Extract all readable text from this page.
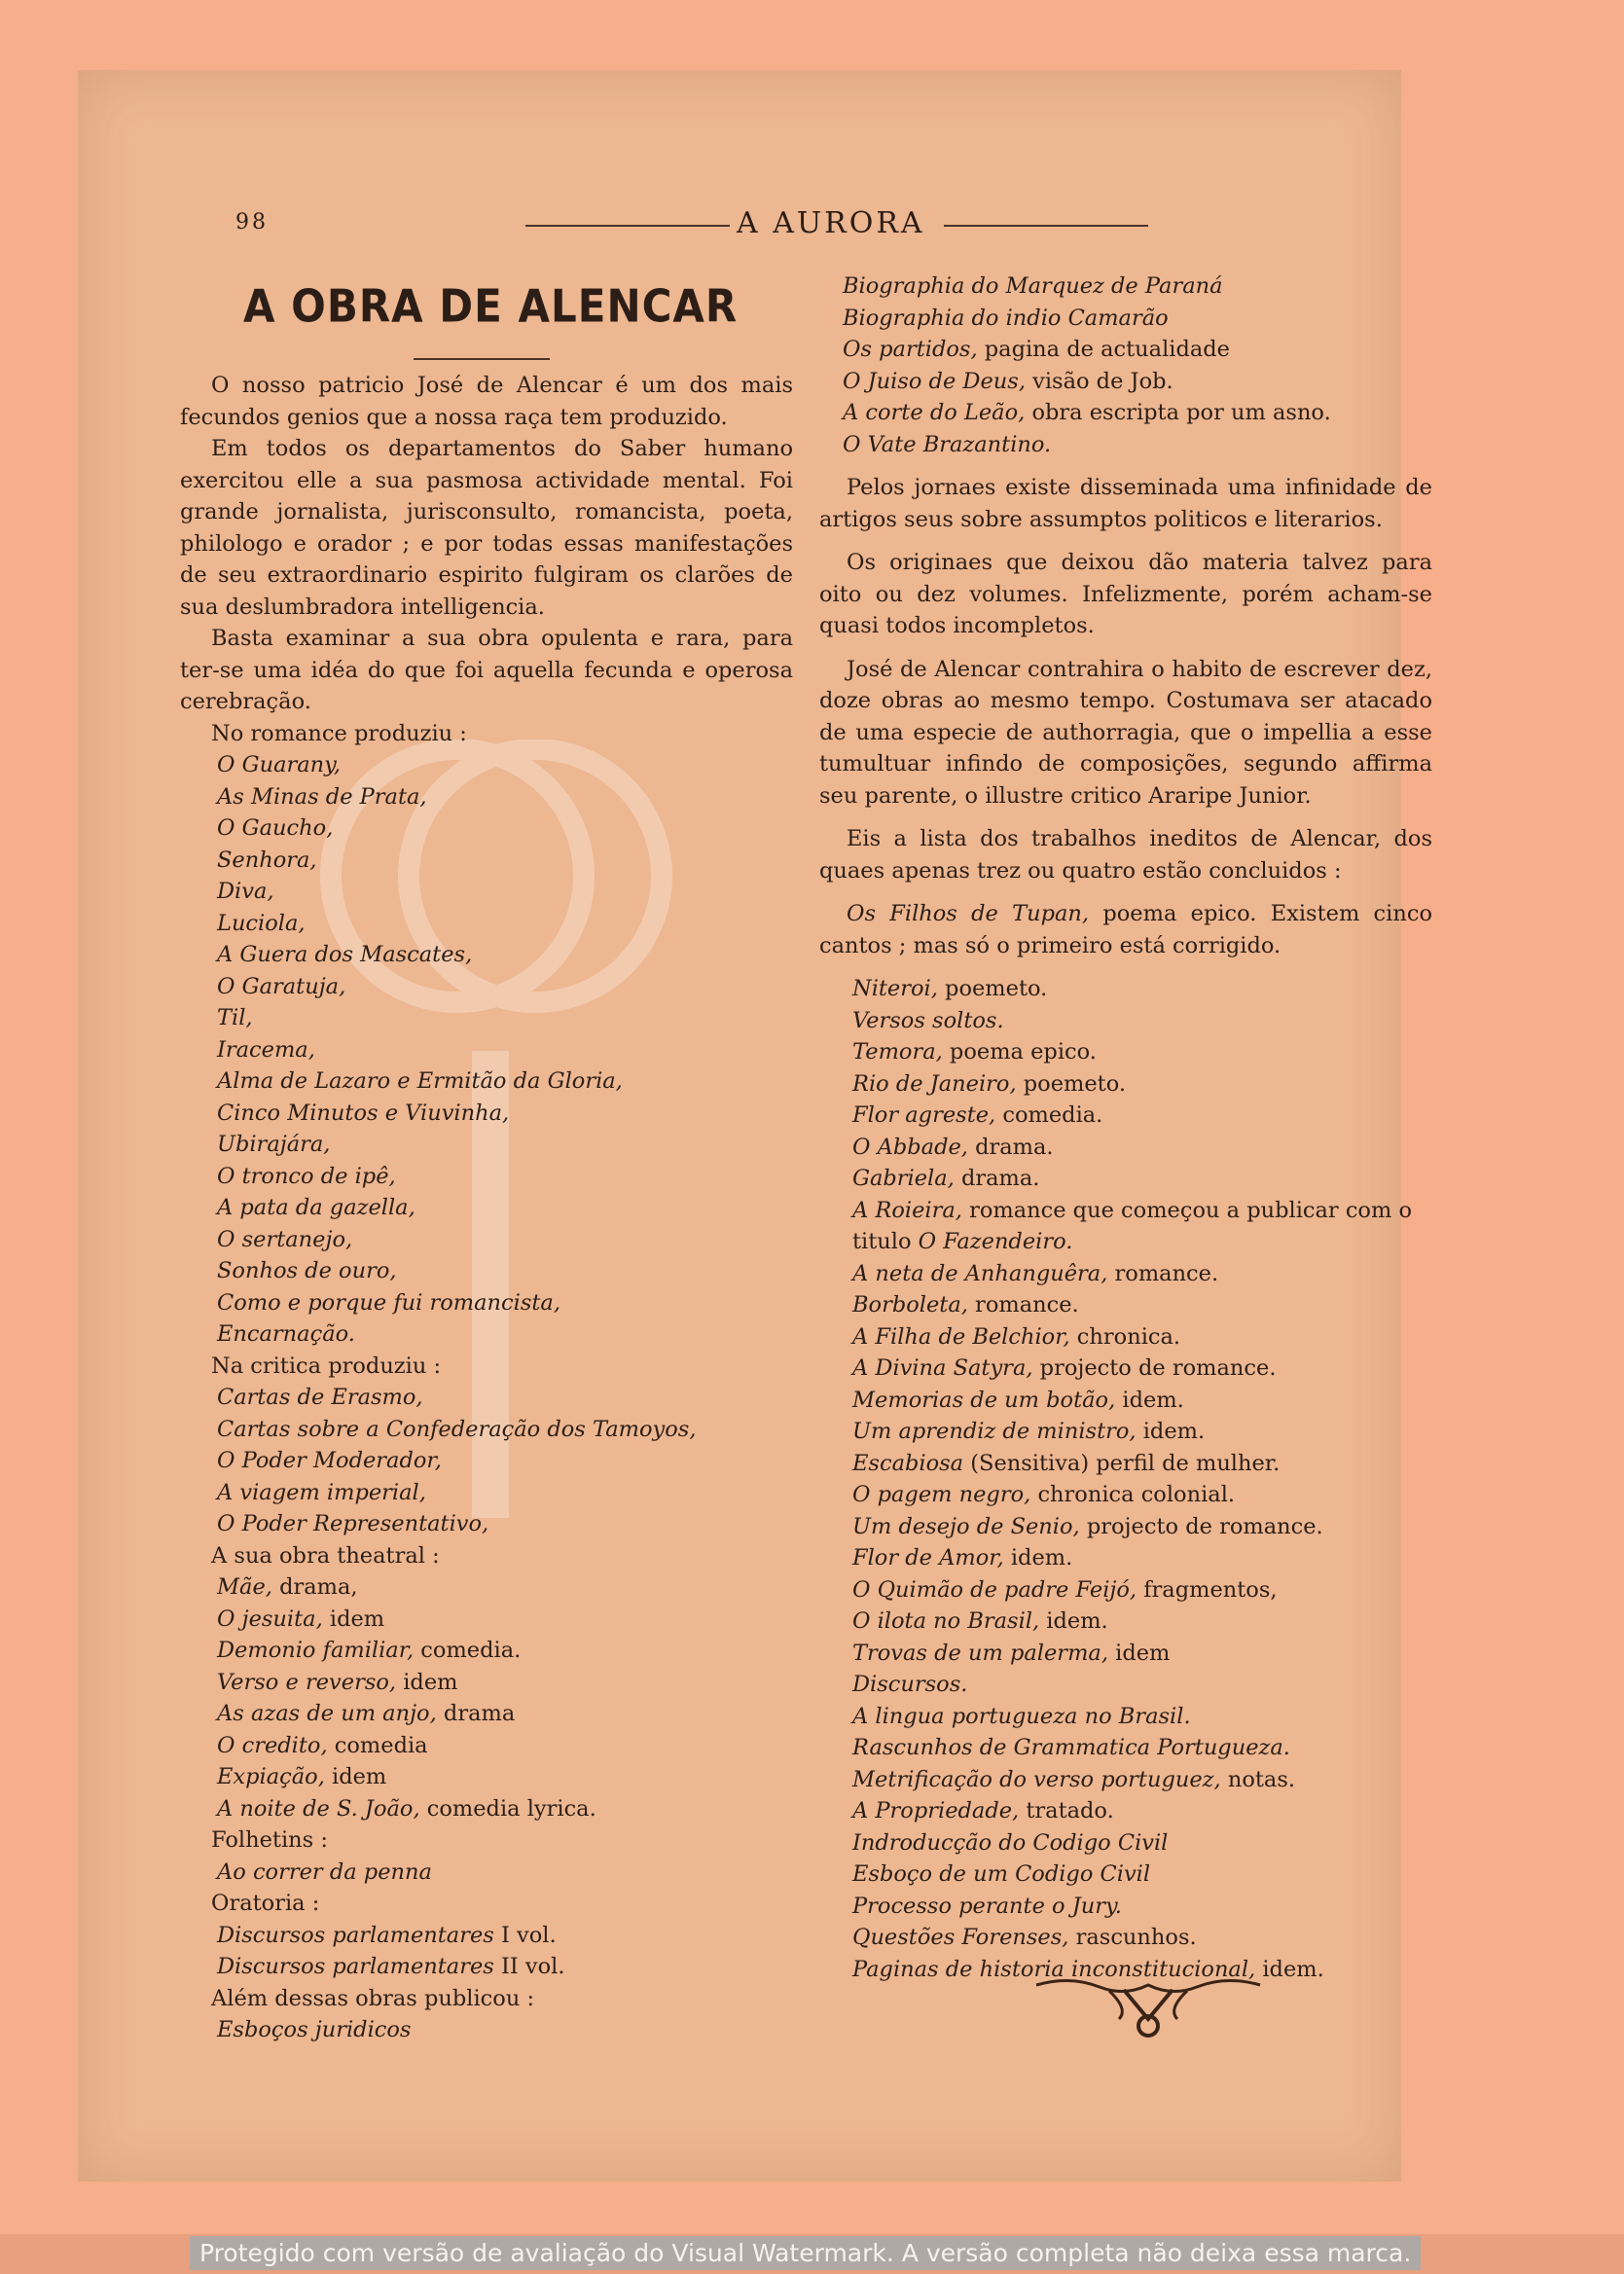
98	A AURORA
A OBRA DE ALENCAR

O nosso patricio José de Alencar é um dos mais fecundos genios que a nossa raça tem produzido.

Em todos os departamentos do Saber humano exercitou elle a sua pasmosa actividade mental. Foi grande jornalista, jurisconsulto, romancista, poeta, philologo e orador ; e por todas essas manifestações de seu extraordinario espirito fulgiram os clarões de sua deslumbradora intelligencia.

Basta examinar a sua obra opulenta e rara, para ter-se uma idéa do que foi aquella fecunda e operosa cerebração.

No romance produziu :
O Guarany,
As Minas de Prata,
O Gaucho,
Senhora,
Diva,
Luciola,
A Guera dos Mascates,
O Garatuja,
Til,
Iracema,
Alma de Lazaro e Ermitão da Gloria,
Cinco Minutos e Viuvinha,
Ubirajára,
O tronco de ipê,
A pata da gazella,
O sertanejo,
Sonhos de ouro,
Como e porque fui romancista,
Encarnação.
Na critica produziu :
Cartas de Erasmo,
Cartas sobre a Confederação dos Tamoyos,
O Poder Moderador,
A viagem imperial,
O Poder Representativo,
A sua obra theatral :
Mãe, drama,
O jesuita, idem
Demonio familiar, comedia.
Verso e reverso, idem
As azas de um anjo, drama
O credito, comedia
Expiação, idem
A noite de S. João, comedia lyrica.
Folhetins :
Ao correr da penna
Oratoria :
Discursos parlamentares I vol.
Discursos parlamentares II vol.
Além dessas obras publicou :
Esboços juridicos
Biographia do Marquez de Paraná
Biographia do indio Camarão
Os partidos, pagina de actualidade
O Juiso de Deus, visão de Job.
A corte do Leão, obra escripta por um asno.
O Vate Brazantino.

Pelos jornaes existe disseminada uma infinidade de artigos seus sobre assumptos politicos e literarios.

Os originaes que deixou dão materia talvez para oito ou dez volumes. Infelizmente, porém acham-se quasi todos incompletos.

José de Alencar contrahira o habito de escrever dez, doze obras ao mesmo tempo. Costumava ser atacado de uma especie de authorragia, que o impellia a esse tumultuar infindo de composições, segundo affirma seu parente, o illustre critico Araripe Junior.

Eis a lista dos trabalhos ineditos de Alencar, dos quaes apenas trez ou quatro estão concluidos :

Os Filhos de Tupan, poema epico. Existem cinco cantos ; mas só o primeiro está corrigido.

Niteroi, poemeto.
Versos soltos.
Temora, poema epico.
Rio de Janeiro, poemeto.
Flor agreste, comedia.
O Abbade, drama.
Gabriela, drama.
A Roieira, romance que começou a publicar com o titulo O Fazendeiro.
A neta de Anhanguêra, romance.
Borboleta, romance.
A Filha de Belchior, chronica.
A Divina Satyra, projecto de romance.
Memorias de um botão, idem.
Um aprendiz de ministro, idem.
Escabiosa (Sensitiva) perfil de mulher.
O pagem negro, chronica colonial.
Um desejo de Senio, projecto de romance.
Flor de Amor, idem.
O Quimão de padre Feijó, fragmentos,
O ilota no Brasil, idem.
Trovas de um palerma, idem
Discursos.
A lingua portugueza no Brasil.
Rascunhos de Grammatica Portugueza.
Metrificação do verso portuguez, notas.
A Propriedade, tratado.
Indroducção do Codigo Civil
Esboço de um Codigo Civil
Processo perante o Jury.
Questões Forenses, rascunhos.
Paginas de historia inconstitucional, idem.
Protegido com versão de avaliação do Visual Watermark. A versão completa não deixa essa marca.
